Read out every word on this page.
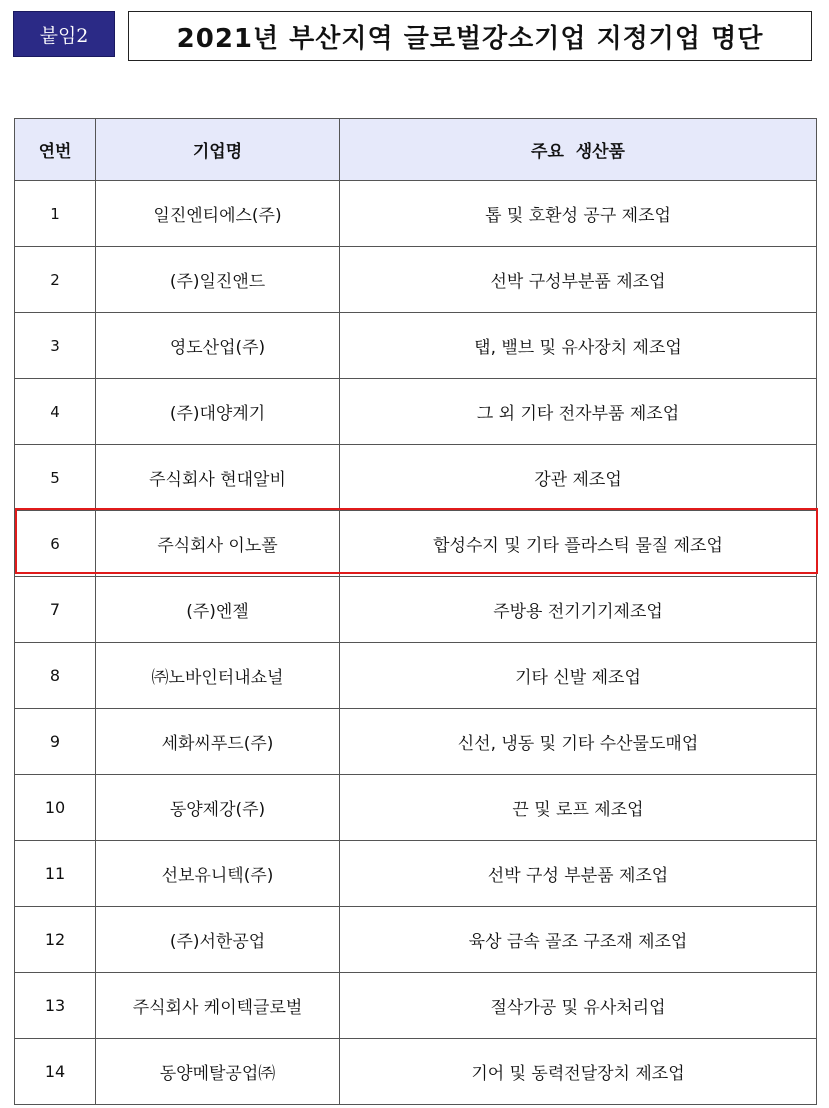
붙임2	2021년 부산지역 글로벌강소기업 지정기업 명단
연번	기업명	주요  생산품
1	일진엔티에스(주)	톱 및 호환성 공구 제조업
2	(주)일진앤드	선박 구성부분품 제조업
3	영도산업(주)	탭, 밸브 및 유사장치 제조업
4	(주)대양계기	그 외 기타 전자부품 제조업
5	주식회사 현대알비	강관 제조업
6	주식회사 이노폴	합성수지 및 기타 플라스틱 물질 제조업
7	(주)엔젤	주방용 전기기기제조업
8	㈜노바인터내쇼널	기타 신발 제조업
9	세화씨푸드(주)	신선, 냉동 및 기타 수산물도매업
10	동양제강(주)	끈 및 로프 제조업
11	선보유니텍(주)	선박 구성 부분품 제조업
12	(주)서한공업	육상 금속 골조 구조재 제조업
13	주식회사 케이텍글로벌	절삭가공 및 유사처리업
14	동양메탈공업㈜	기어 및 동력전달장치 제조업
